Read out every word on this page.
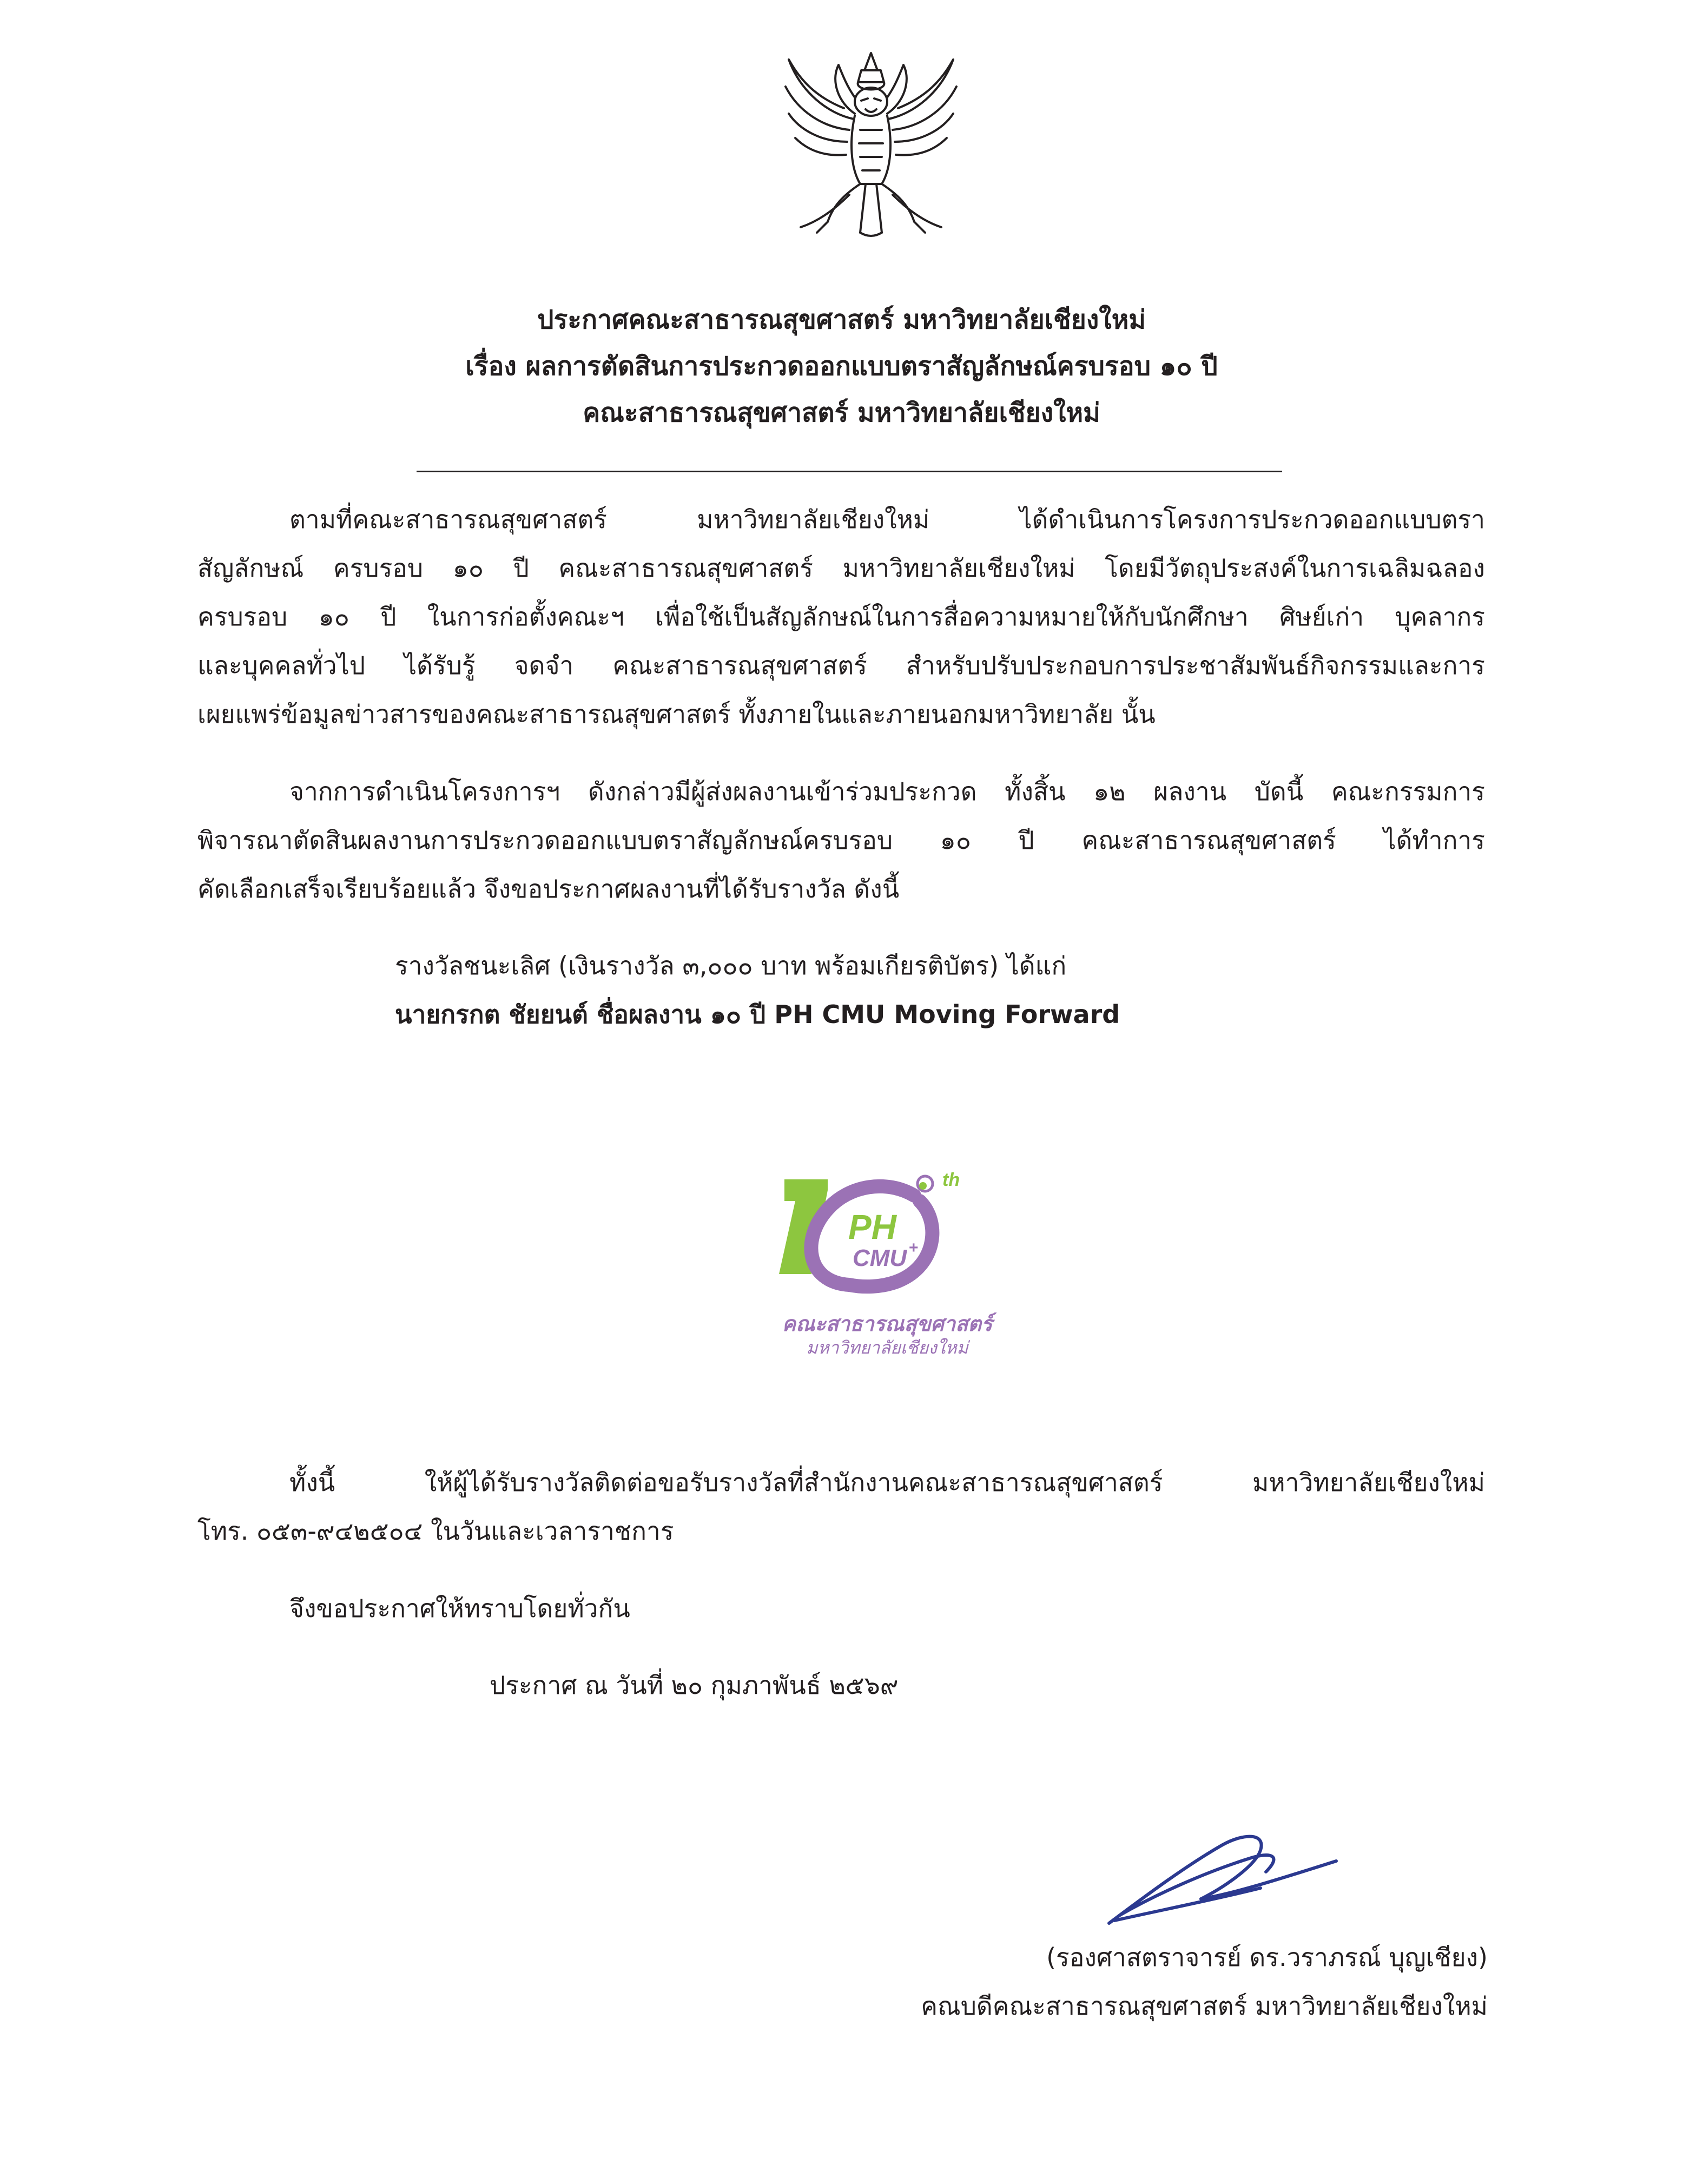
ประกาศคณะสาธารณสุขศาสตร์ มหาวิทยาลัยเชียงใหม่
เรื่อง ผลการตัดสินการประกวดออกแบบตราสัญลักษณ์ครบรอบ ๑๐ ปี
คณะสาธารณสุขศาสตร์ มหาวิทยาลัยเชียงใหม่
ตามที่คณะสาธารณสุขศาสตร์ มหาวิทยาลัยเชียงใหม่ ได้ดำเนินการโครงการประกวดออกแบบตรา
สัญลักษณ์ ครบรอบ ๑๐ ปี คณะสาธารณสุขศาสตร์ มหาวิทยาลัยเชียงใหม่ โดยมีวัตถุประสงค์ในการเฉลิมฉลอง
ครบรอบ ๑๐ ปี ในการก่อตั้งคณะฯ เพื่อใช้เป็นสัญลักษณ์ในการสื่อความหมายให้กับนักศึกษา ศิษย์เก่า บุคลากร
และบุคคลทั่วไป ได้รับรู้ จดจำ คณะสาธารณสุขศาสตร์ สำหรับปรับประกอบการประชาสัมพันธ์กิจกรรมและการ
เผยแพร่ข้อมูลข่าวสารของคณะสาธารณสุขศาสตร์ ทั้งภายในและภายนอกมหาวิทยาลัย นั้น
จากการดำเนินโครงการฯ ดังกล่าวมีผู้ส่งผลงานเข้าร่วมประกวด ทั้งสิ้น ๑๒ ผลงาน บัดนี้ คณะกรรมการ
พิจารณาตัดสินผลงานการประกวดออกแบบตราสัญลักษณ์ครบรอบ ๑๐ ปี คณะสาธารณสุขศาสตร์ ได้ทำการ
คัดเลือกเสร็จเรียบร้อยแล้ว จึงขอประกาศผลงานที่ได้รับรางวัล ดังนี้
รางวัลชนะเลิศ (เงินรางวัล ๓,๐๐๐ บาท พร้อมเกียรติบัตร) ได้แก่
นายกรกต ชัยยนต์ ชื่อผลงาน ๑๐ ปี PH CMU Moving Forward
th
PH
CMU +
คณะสาธารณสุขศาสตร์
มหาวิทยาลัยเชียงใหม่
ทั้งนี้ ให้ผู้ได้รับรางวัลติดต่อขอรับรางวัลที่สำนักงานคณะสาธารณสุขศาสตร์ มหาวิทยาลัยเชียงใหม่
โทร. ๐๕๓-๙๔๒๕๐๔ ในวันและเวลาราชการ
จึงขอประกาศให้ทราบโดยทั่วกัน
ประกาศ ณ วันที่ ๒๐ กุมภาพันธ์ ๒๕๖๙
(รองศาสตราจารย์ ดร.วราภรณ์ บุญเชียง)
คณบดีคณะสาธารณสุขศาสตร์ มหาวิทยาลัยเชียงใหม่
